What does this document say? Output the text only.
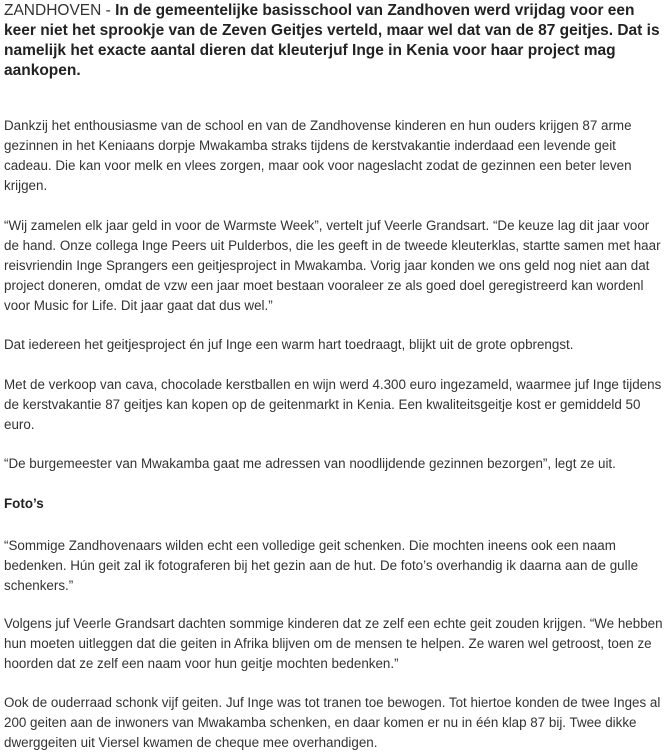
ZANDHOVEN - In de gemeentelijke basisschool van Zandhoven werd vrijdag voor een keer niet het sprookje van de Zeven Geitjes verteld, maar wel dat van de 87 geitjes. Dat is namelijk het exacte aantal dieren dat kleuterjuf Inge in Kenia voor haar project mag aankopen.

Dankzij het enthousiasme van de school en van de Zandhovense kinderen en hun ouders krijgen 87 arme gezinnen in het Keniaans dorpje Mwakamba straks tijdens de kerstvakantie inderdaad een levende geit cadeau. Die kan voor melk en vlees zorgen, maar ook voor nageslacht zodat de gezinnen een beter leven krijgen.

“Wij zamelen elk jaar geld in voor de Warmste Week”, vertelt juf Veerle Grandsart. “De keuze lag dit jaar voor de hand. Onze collega Inge Peers uit Pulderbos, die les geeft in de tweede kleuterklas, startte samen met haar reisvriendin Inge Sprangers een geitjesproject in Mwakamba. Vorig jaar konden we ons geld nog niet aan dat project doneren, omdat de vzw een jaar moet bestaan vooraleer ze als goed doel geregistreerd kan wordenl voor Music for Life. Dit jaar gaat dat dus wel.”

Dat iedereen het geitjesproject én juf Inge een warm hart toedraagt, blijkt uit de grote opbrengst.

Met de verkoop van cava, chocolade kerstballen en wijn werd 4.300 euro ingezameld, waarmee juf Inge tijdens de kerstvakantie 87 geitjes kan kopen op de geitenmarkt in Kenia. Een kwaliteitsgeitje kost er gemiddeld 50 euro.

“De burgemeester van Mwakamba gaat me adressen van noodlijdende gezinnen bezorgen”, legt ze uit.

Foto’s

“Sommige Zandhovenaars wilden echt een volledige geit schenken. Die mochten ineens ook een naam bedenken. Hún geit zal ik fotograferen bij het gezin aan de hut. De foto’s overhandig ik daarna aan de gulle schenkers.”

Volgens juf Veerle Grandsart dachten sommige kinderen dat ze zelf een echte geit zouden krijgen. “We hebben hun moeten uitleggen dat die geiten in Afrika blijven om de mensen te helpen. Ze waren wel getroost, toen ze hoorden dat ze zelf een naam voor hun geitje mochten bedenken.”

Ook de ouderraad schonk vijf geiten. Juf Inge was tot tranen toe bewogen. Tot hiertoe konden de twee Inges al 200 geiten aan de inwoners van Mwakamba schenken, en daar komen er nu in één klap 87 bij. Twee dikke dwerggeiten uit Viersel kwamen de cheque mee overhandigen.
